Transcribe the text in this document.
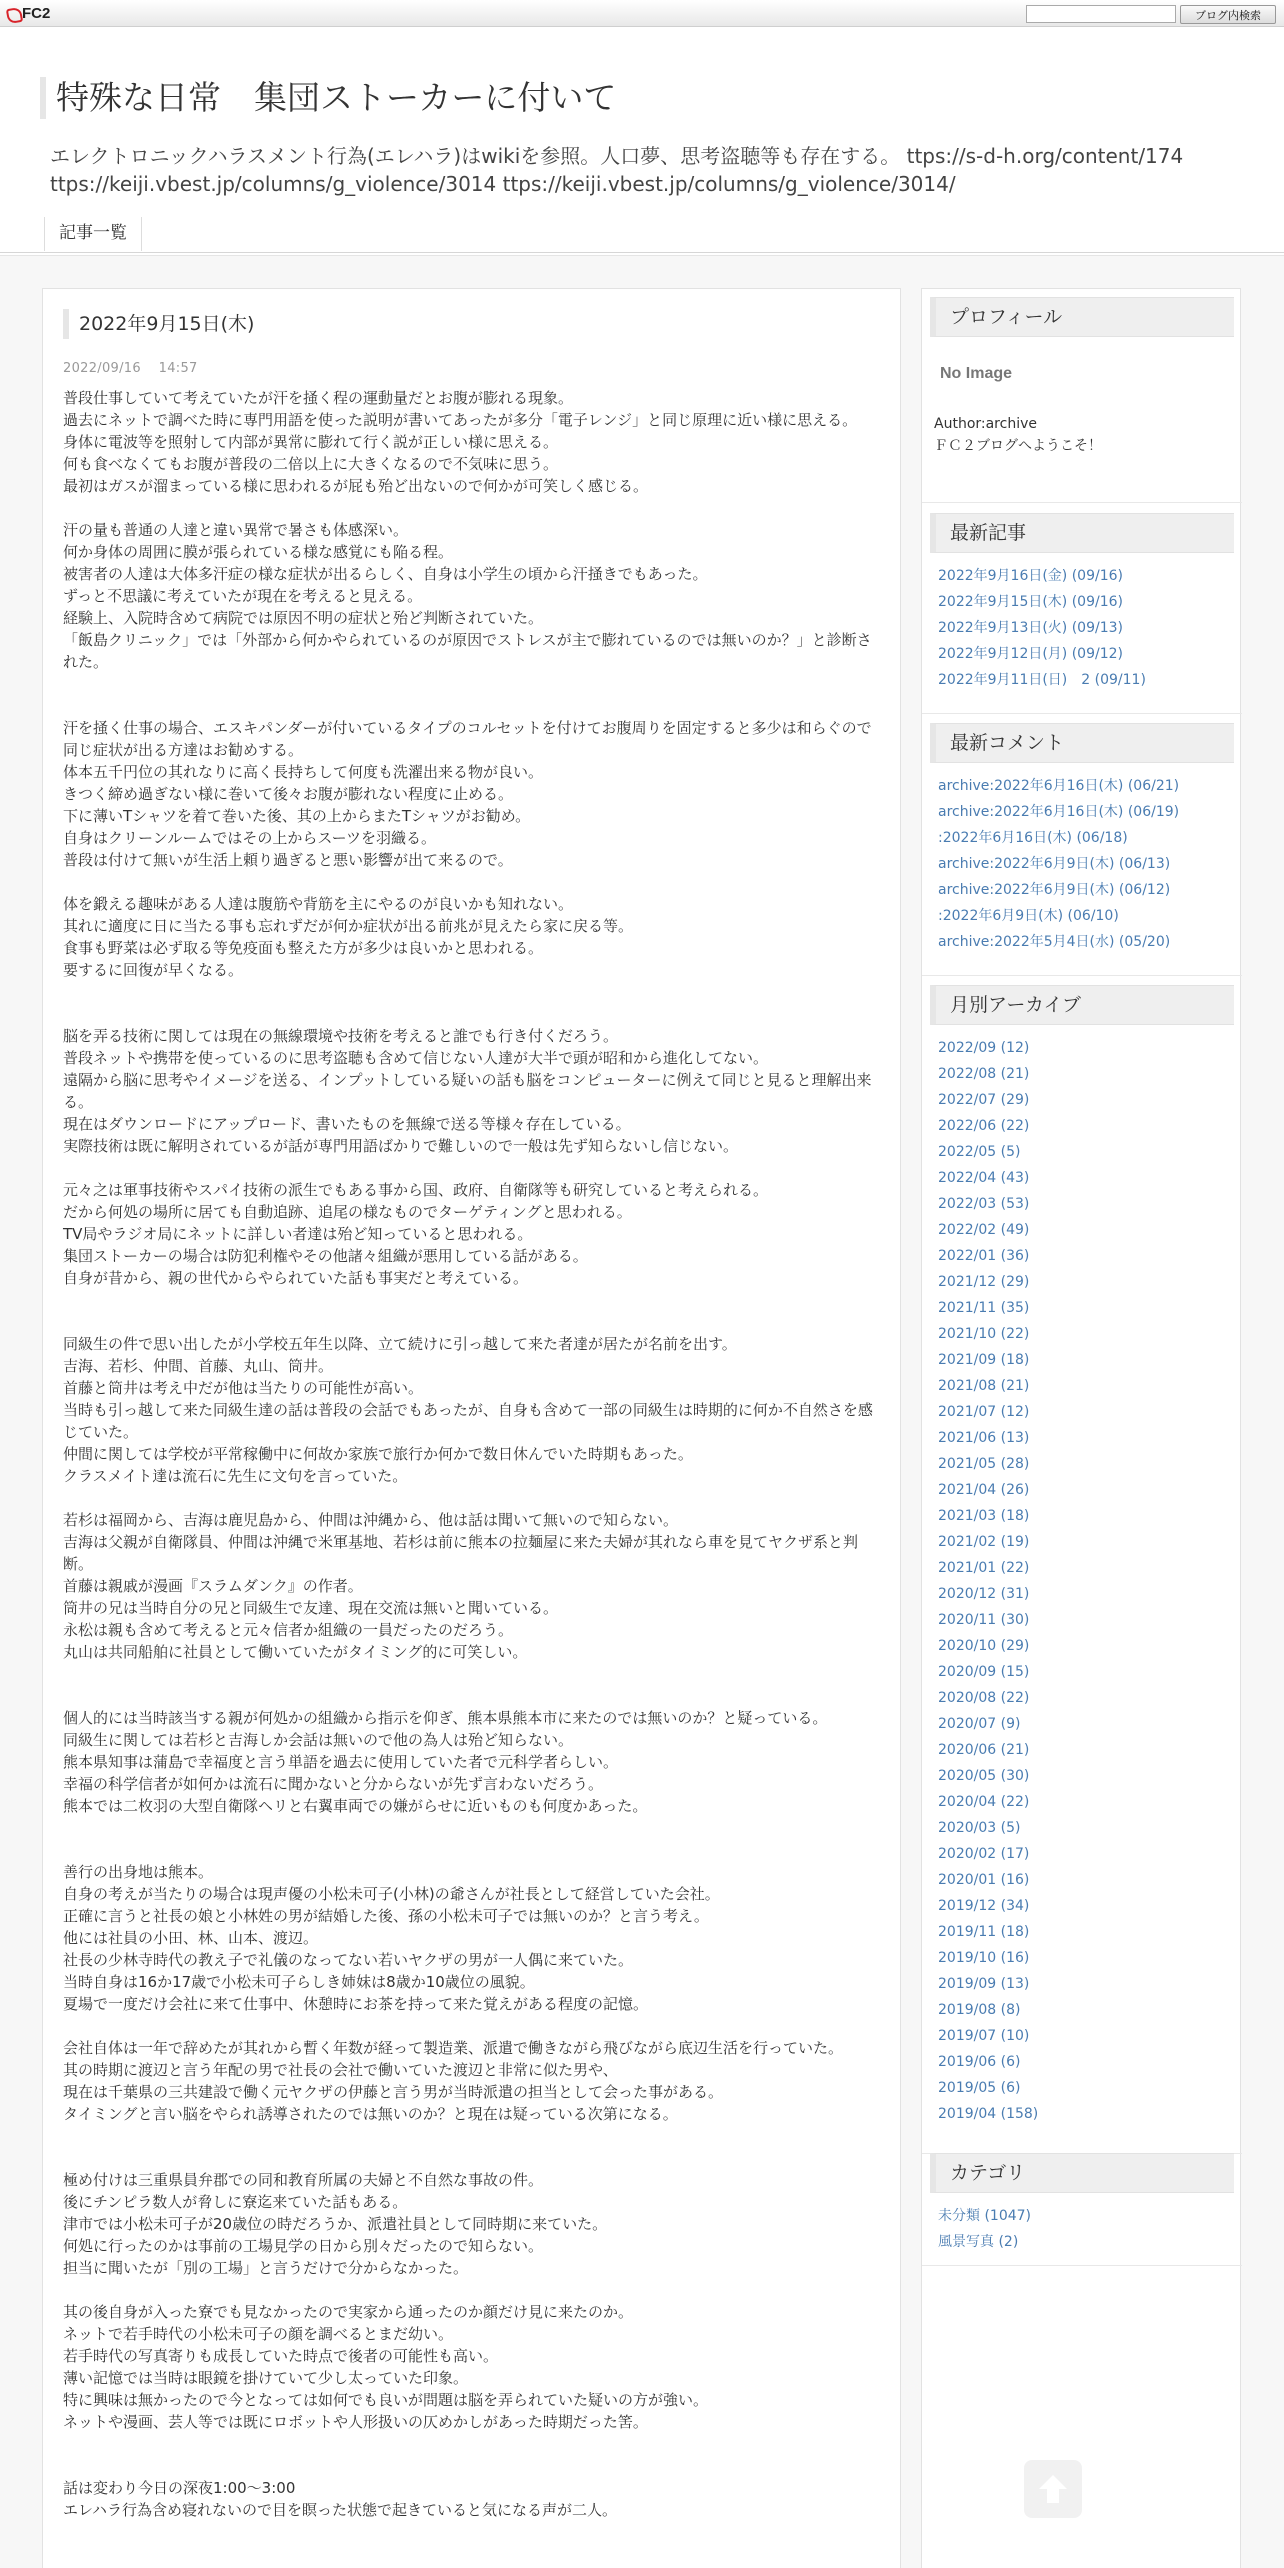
FC2	ブログ内検索
特殊な日常　集団ストーカーに付いて
エレクトロニックハラスメント行為(エレハラ)はwikiを参照。人口夢、思考盗聴等も存在する。 ttps://s-d-h.org/content/174 ttps://keiji.vbest.jp/columns/g_violence/3014 ttps://keiji.vbest.jp/columns/g_violence/3014/
記事一覧
2022年9月15日(木)
2022/09/16　 14:57

普段仕事していて考えていたが汗を掻く程の運動量だとお腹が膨れる現象。

過去にネットで調べた時に専門用語を使った説明が書いてあったが多分「電子レンジ」と同じ原理に近い様に思える。

身体に電波等を照射して内部が異常に膨れて行く説が正しい様に思える。

何も食べなくてもお腹が普段の二倍以上に大きくなるので不気味に思う。

最初はガスが溜まっている様に思われるが屁も殆ど出ないので何かが可笑しく感じる。

汗の量も普通の人達と違い異常で暑さも体感深い。

何か身体の周囲に膜が張られている様な感覚にも陥る程。

被害者の人達は大体多汗症の様な症状が出るらしく、自身は小学生の頃から汗掻きでもあった。

ずっと不思議に考えていたが現在を考えると見える。

経験上、入院時含めて病院では原因不明の症状と殆ど判断されていた。

「飯島クリニック」では「外部から何かやられているのが原因でストレスが主で膨れているのでは無いのか？」と診断された。

汗を掻く仕事の場合、エスキパンダーが付いているタイプのコルセットを付けてお腹周りを固定すると多少は和らぐので同じ症状が出る方達はお勧めする。

体本五千円位の其れなりに高く長持ちして何度も洗濯出来る物が良い。

きつく締め過ぎない様に巻いて後々お腹が膨れない程度に止める。

下に薄いTシャツを着て巻いた後、其の上からまたTシャツがお勧め。

自身はクリーンルームではその上からスーツを羽織る。

普段は付けて無いが生活上頼り過ぎると悪い影響が出て来るので。

体を鍛える趣味がある人達は腹筋や背筋を主にやるのが良いかも知れない。

其れに適度に日に当たる事も忘れずだが何か症状が出る前兆が見えたら家に戻る等。

食事も野菜は必ず取る等免疫面も整えた方が多少は良いかと思われる。

要するに回復が早くなる。

脳を弄る技術に関しては現在の無線環境や技術を考えると誰でも行き付くだろう。

普段ネットや携帯を使っているのに思考盗聴も含めて信じない人達が大半で頭が昭和から進化してない。

遠隔から脳に思考やイメージを送る、インプットしている疑いの話も脳をコンピューターに例えて同じと見ると理解出来る。

現在はダウンロードにアップロード、書いたものを無線で送る等様々存在している。

実際技術は既に解明されているが話が専門用語ばかりで難しいので一般は先ず知らないし信じない。

元々之は軍事技術やスパイ技術の派生でもある事から国、政府、自衛隊等も研究していると考えられる。

だから何処の場所に居ても自動追跡、追尾の様なものでターゲティングと思われる。

TV局やラジオ局にネットに詳しい者達は殆ど知っていると思われる。

集団ストーカーの場合は防犯利権やその他諸々組織が悪用している話がある。

自身が昔から、親の世代からやられていた話も事実だと考えている。

同級生の件で思い出したが小学校五年生以降、立て続けに引っ越して来た者達が居たが名前を出す。

吉海、若杉、仲間、首藤、丸山、筒井。

首藤と筒井は考え中だが他は当たりの可能性が高い。

当時も引っ越して来た同級生達の話は普段の会話でもあったが、自身も含めて一部の同級生は時期的に何か不自然さを感じていた。

仲間に関しては学校が平常稼働中に何故か家族で旅行か何かで数日休んでいた時期もあった。

クラスメイト達は流石に先生に文句を言っていた。

若杉は福岡から、吉海は鹿児島から、仲間は沖縄から、他は話は聞いて無いので知らない。

吉海は父親が自衛隊員、仲間は沖縄で米軍基地、若杉は前に熊本の拉麺屋に来た夫婦が其れなら車を見てヤクザ系と判断。

首藤は親戚が漫画『スラムダンク』の作者。

筒井の兄は当時自分の兄と同級生で友達、現在交流は無いと聞いている。

永松は親も含めて考えると元々信者か組織の一員だったのだろう。

丸山は共同船舶に社員として働いていたがタイミング的に可笑しい。

個人的には当時該当する親が何処かの組織から指示を仰ぎ、熊本県熊本市に来たのでは無いのか？と疑っている。

同級生に関しては若杉と吉海しか会話は無いので他の為人は殆ど知らない。

熊本県知事は蒲島で幸福度と言う単語を過去に使用していた者で元科学者らしい。

幸福の科学信者が如何かは流石に聞かないと分からないが先ず言わないだろう。

熊本では二枚羽の大型自衛隊ヘリと右翼車両での嫌がらせに近いものも何度かあった。

善行の出身地は熊本。

自身の考えが当たりの場合は現声優の小松未可子(小林)の爺さんが社長として経営していた会社。

正確に言うと社長の娘と小林姓の男が結婚した後、孫の小松未可子では無いのか？と言う考え。

他には社員の小田、林、山本、渡辺。

社長の少林寺時代の教え子で礼儀のなってない若いヤクザの男が一人偶に来ていた。

当時自身は16か17歳で小松未可子らしき姉妹は8歳か10歳位の風貌。

夏場で一度だけ会社に来て仕事中、休憩時にお茶を持って来た覚えがある程度の記憶。

会社自体は一年で辞めたが其れから暫く年数が経って製造業、派遣で働きながら飛びながら底辺生活を行っていた。

其の時期に渡辺と言う年配の男で社長の会社で働いていた渡辺と非常に似た男や、

現在は千葉県の三共建設で働く元ヤクザの伊藤と言う男が当時派遣の担当として会った事がある。

タイミングと言い脳をやられ誘導されたのでは無いのか？と現在は疑っている次第になる。

極め付けは三重県員弁郡での同和教育所属の夫婦と不自然な事故の件。

後にチンピラ数人が脅しに寮迄来ていた話もある。

津市では小松未可子が20歳位の時だろうか、派遣社員として同時期に来ていた。

何処に行ったのかは事前の工場見学の日から別々だったので知らない。

担当に聞いたが「別の工場」と言うだけで分からなかった。

其の後自身が入った寮でも見なかったので実家から通ったのか顔だけ見に来たのか。

ネットで若手時代の小松未可子の顔を調べるとまだ幼い。

若手時代の写真寄りも成長していた時点で後者の可能性も高い。

薄い記憶では当時は眼鏡を掛けていて少し太っていた印象。

特に興味は無かったので今となっては如何でも良いが問題は脳を弄られていた疑いの方が強い。

ネットや漫画、芸人等では既にロボットや人形扱いの仄めかしがあった時期だった筈。

話は変わり今日の深夜1:00～3:00

エレハラ行為含め寝れないので目を瞑った状態で起きていると気になる声が二人。

プロフィール
No Image
Author:archive
ＦＣ２ブログへようこそ！
最新記事
2022年9月16日(金) (09/16)
2022年9月15日(木) (09/16)
2022年9月13日(火) (09/13)
2022年9月12日(月) (09/12)
2022年9月11日(日)　2 (09/11)
最新コメント
archive:2022年6月16日(木) (06/21)
archive:2022年6月16日(木) (06/19)
:2022年6月16日(木) (06/18)
archive:2022年6月9日(木) (06/13)
archive:2022年6月9日(木) (06/12)
:2022年6月9日(木) (06/10)
archive:2022年5月4日(水) (05/20)
月別アーカイブ
2022/09 (12)
2022/08 (21)
2022/07 (29)
2022/06 (22)
2022/05 (5)
2022/04 (43)
2022/03 (53)
2022/02 (49)
2022/01 (36)
2021/12 (29)
2021/11 (35)
2021/10 (22)
2021/09 (18)
2021/08 (21)
2021/07 (12)
2021/06 (13)
2021/05 (28)
2021/04 (26)
2021/03 (18)
2021/02 (19)
2021/01 (22)
2020/12 (31)
2020/11 (30)
2020/10 (29)
2020/09 (15)
2020/08 (22)
2020/07 (9)
2020/06 (21)
2020/05 (30)
2020/04 (22)
2020/03 (5)
2020/02 (17)
2020/01 (16)
2019/12 (34)
2019/11 (18)
2019/10 (16)
2019/09 (13)
2019/08 (8)
2019/07 (10)
2019/06 (6)
2019/05 (6)
2019/04 (158)
カテゴリ
未分類 (1047)
風景写真 (2)
